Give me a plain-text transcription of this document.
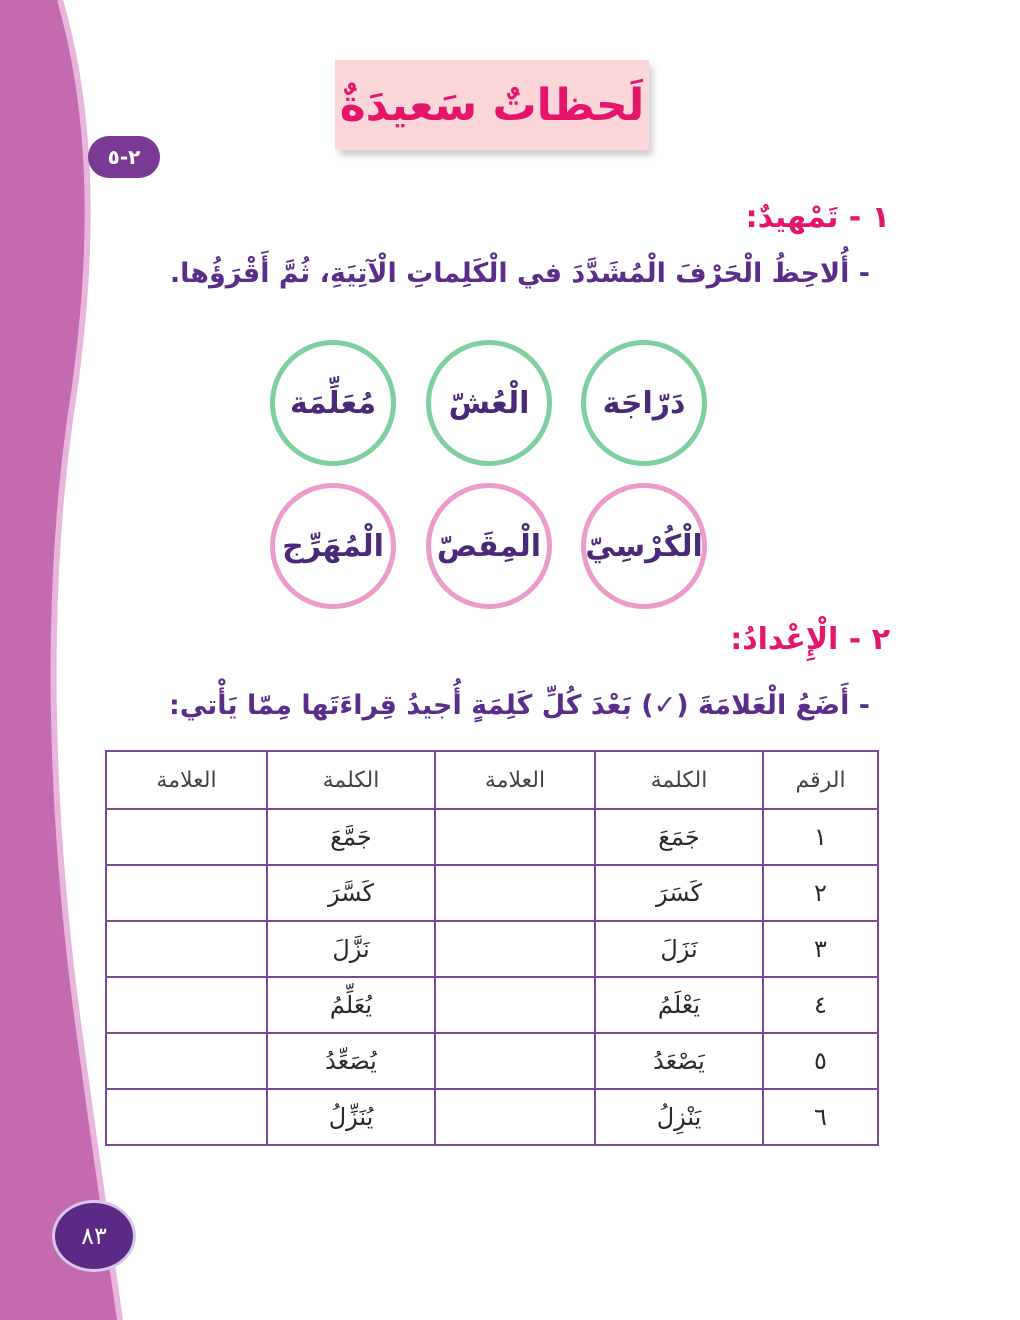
لَحظاتٌ سَعيدَةٌ
٢-٥
١ - تَمْهيدٌ:
- أُلاحِظُ الْحَرْفَ الْمُشَدَّدَ في الْكَلِماتِ الْآتِيَةِ، ثُمَّ أَقْرَؤُها.
دَرّاجَة
الْعُشّ
مُعَلِّمَة
الْكُرْسِيّ
الْمِقَصّ
الْمُهَرِّج
٢ - الْإِعْدادُ:
- أَضَعُ الْعَلامَةَ (✓) بَعْدَ كُلِّ كَلِمَةٍ أُجيدُ قِراءَتَها مِمّا يَأْتي:
الرقم	الكلمة	العلامة	الكلمة	العلامة
١	جَمَعَ		جَمَّعَ	
٢	كَسَرَ		كَسَّرَ	
٣	نَزَلَ		نَزَّلَ	
٤	يَعْلَمُ		يُعَلِّمُ	
٥	يَصْعَدُ		يُصَعِّدُ	
٦	يَنْزِلُ		يُنَزِّلُ	
٨٣
